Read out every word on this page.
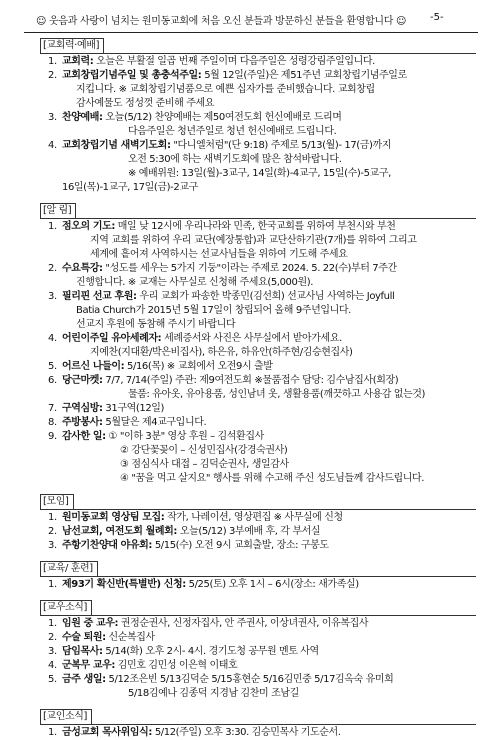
☺ 웃음과 사랑이 넘치는 원미동교회에 처음 오신 분들과 방문하신 분들을 환영합니다 ☺ -5-
[교회력·예배]
1. 교회력: 오늘은 부활절 일곱 번째 주일이며 다음주일은 성령강림주일입니다.
2. 교회창립기념주일 및 총충석주일: 5월 12일(주일)은 제51주년 교회창립기념주일로
지킵니다. ※ 교회창립기념품으로 예쁜 십자가를 준비했습니다. 교회창립
감사예물도 정성껏 준비해 주세요
3. 찬양예배: 오늘(5/12) 찬양예배는 제50여전도회 헌신예배로 드리며
다음주일은 청년주일로 청년 헌신예배로 드립니다.
4. 교회창립기념 새벽기도회: "다니엘처럼"(단 9:18) 주제로 5/13(월)- 17(금)까지
오전 5:30에 하는 새벽기도회에 많은 참석바랍니다.
※ 예배위원: 13일(월)-3교구, 14일(화)-4교구, 15일(수)-5교구,
16일(목)-1교구, 17일(금)-2교구
[알 림]
1. 점오의 기도: 매일 낮 12시에 우리나라와 민족, 한국교회를 위하여 부천시와 부천
지역 교회를 위하여 우리 교단(예장통합)과 교단산하기관(7개)를 위하여 그리고
세계에 흩어져 사역하시는 선교사님들을 위하여 기도해 주세요
2. 수요특강: "성도를 세우는 5가지 기둥"이라는 주제로 2024. 5. 22(수)부터 7주간
진행합니다. ※ 교재는 사무실로 신청해 주세요(5,000원).
3. 필리핀 선교 후원: 우리 교회가 파송한 박종민(김선희) 선교사님 사역하는 Joyfull
Batia Church가 2015년 5월 17일이 창립되어 올해 9주년입니다.
선교지 후원에 동참해 주시기 바랍니다
4. 어린이주일 유아세례자: 세례증서와 사진은 사무실에서 받아가세요.
지예찬(지대환/박은비집사), 하은유, 하유안(하주현/김승현집사)
5. 어르신 나들이: 5/16(목) ※ 교회에서 오전9시 출발
6. 당근마켓: 7/7, 7/14(주일) 주관: 제9여전도회 ※물품접수 담당: 김수남집사(회장)
물품: 유아옷, 유아용품, 성인남녀 옷, 생활용품(깨끗하고 사용감 없는것)
7. 구역심방: 31구역(12일)
8. 주방봉사: 5월달은 제4교구입니다.
9. 감사한 일: ① "이하 3분" 영상 후원 – 김석환집사
② 강단꽃꽂이 – 신성민집사(강경숙권사)
③ 점심식사 대접 – 김덕순권사, 생일감사
④ "꿈을 먹고 살지요" 행사를 위해 수고해 주신 성도님들께 감사드립니다.
[모임]
1. 원미동교회 영상팀 모집: 작가, 나레이션, 영상편집 ※ 사무실에 신청
2. 남선교회, 여전도회 월례회: 오늘(5/12) 3부예배 후, 각 부서실
3. 주항기찬양대 야유회: 5/15(수) 오전 9시 교회출발, 장소: 구봉도
[교육/ 훈련]
1. 제93기 확신반(특별반) 신청: 5/25(토) 오후 1시 – 6시(장소: 새가족실)
[교우소식]
1. 임원 중 교우: 권정순권사, 신정자집사, 안 주권사, 이상녀권사, 이유복집사
2. 수술 퇴원: 신순복집사
3. 담임목사: 5/14(화) 오후 2시- 4시. 경기도청 공무원 멘토 사역
4. 군복무 교우: 김민호 김민성 이은혁 이태호
5. 금주 생일: 5/12조은빈 5/13김덕순 5/15홍현순 5/16김민중 5/17김옥숙 유미희
5/18김예나 김종덕 지경남 김찬미 조남길
[교인소식]
1. 금성교회 목사위임식: 5/12(주일) 오후 3:30. 김승민목사 기도순서.
